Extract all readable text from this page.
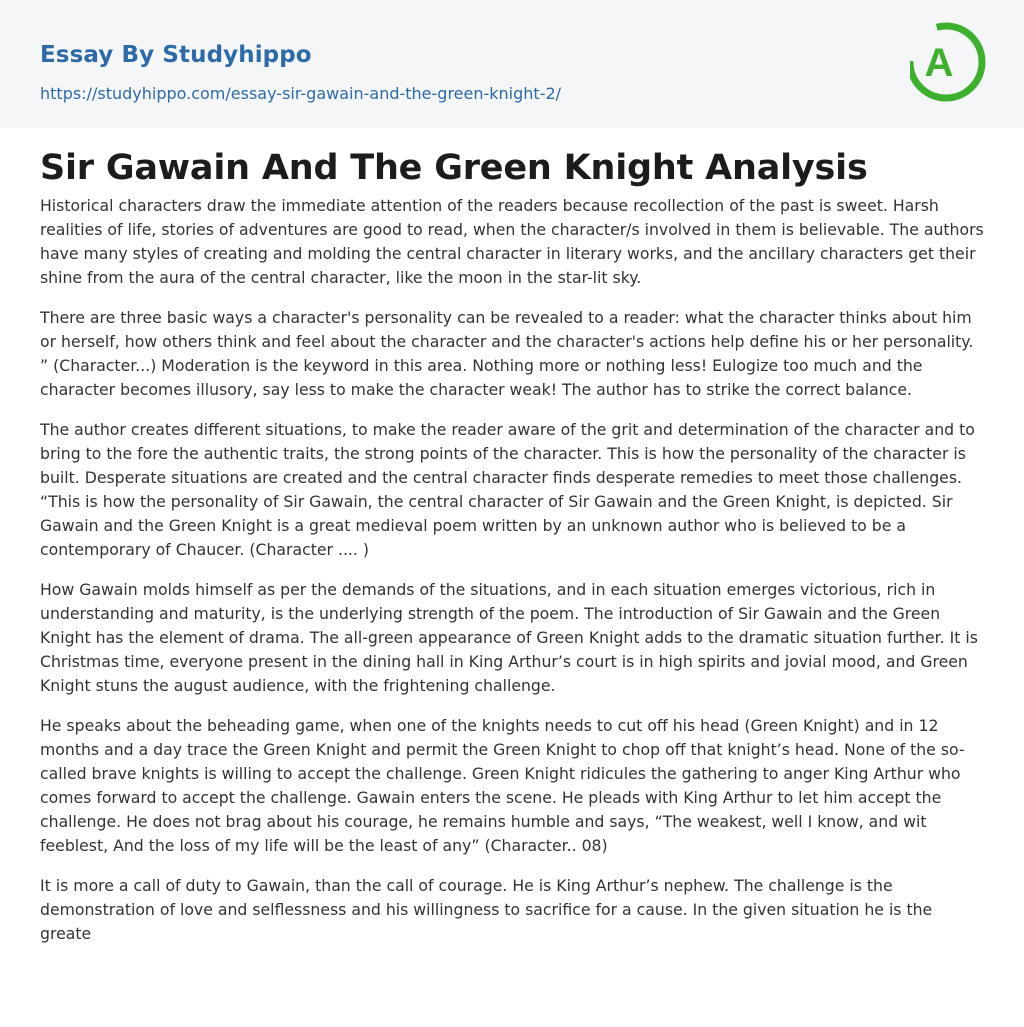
Essay By Studyhippo
https://studyhippo.com/essay-sir-gawain-and-the-green-knight-2/
A
Sir Gawain And The Green Knight Analysis

Historical characters draw the immediate attention of the readers because recollection of the past is sweet. Harsh realities of life, stories of adventures are good to read, when the character/s involved in them is believable. The authors have many styles of creating and molding the central character in literary works, and the ancillary characters get their shine from the aura of the central character, like the moon in the star-lit sky.

There are three basic ways a character's personality can be revealed to a reader: what the character thinks about him or herself, how others think and feel about the character and the character's actions help define his or her personality. ” (Character...) Moderation is the keyword in this area. Nothing more or nothing less! Eulogize too much and the character becomes illusory, say less to make the character weak! The author has to strike the correct balance.

The author creates different situations, to make the reader aware of the grit and determination of the character and to bring to the fore the authentic traits, the strong points of the character. This is how the personality of the character is built. Desperate situations are created and the central character finds desperate remedies to meet those challenges. “This is how the personality of Sir Gawain, the central character of Sir Gawain and the Green Knight, is depicted. Sir Gawain and the Green Knight is a great medieval poem written by an unknown author who is believed to be a contemporary of Chaucer. (Character .... )

How Gawain molds himself as per the demands of the situations, and in each situation emerges victorious, rich in understanding and maturity, is the underlying strength of the poem. The introduction of Sir Gawain and the Green Knight has the element of drama. The all-green appearance of Green Knight adds to the dramatic situation further. It is Christmas time, everyone present in the dining hall in King Arthur’s court is in high spirits and jovial mood, and Green Knight stuns the august audience, with the frightening challenge.

He speaks about the beheading game, when one of the knights needs to cut off his head (Green Knight) and in 12 months and a day trace the Green Knight and permit the Green Knight to chop off that knight’s head. None of the so-called brave knights is willing to accept the challenge. Green Knight ridicules the gathering to anger King Arthur who comes forward to accept the challenge. Gawain enters the scene. He pleads with King Arthur to let him accept the challenge. He does not brag about his courage, he remains humble and says, “The weakest, well I know, and wit feeblest, And the loss of my life will be the least of any” (Character.. 08)

It is more a call of duty to Gawain, than the call of courage. He is King Arthur’s nephew. The challenge is the demonstration of love and selflessness and his willingness to sacrifice for a cause. In the given situation he is the greate
